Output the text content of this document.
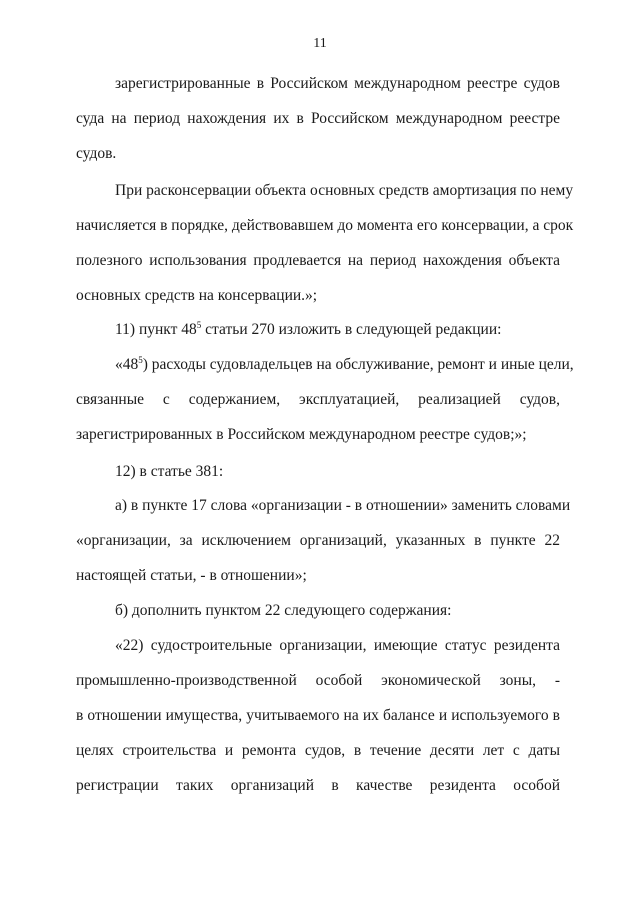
11
зарегистрированные в Российском международном реестре судов
суда на период нахождения их в Российском международном реестре
судов.
При расконсервации объекта основных средств амортизация по нему
начисляется в порядке, действовавшем до момента его консервации, а срок
полезного использования продлевается на период нахождения объекта
основных средств на консервации.»;
11) пункт $48^5$ статьи 270 изложить в следующей редакции:
«$48^5$) расходы судовладельцев на обслуживание, ремонт и иные цели,
связанные с содержанием, эксплуатацией, реализацией судов,
зарегистрированных в Российском международном реестре судов;»;
12) в статье 381:
а) в пункте 17 слова «организации - в отношении» заменить словами
«организации, за исключением организаций, указанных в пункте 22
настоящей статьи, - в отношении»;
б) дополнить пунктом 22 следующего содержания:
«22) судостроительные организации, имеющие статус резидента
промышленно-производственной особой экономической зоны, -
в отношении имущества, учитываемого на их балансе и используемого в
целях строительства и ремонта судов, в течение десяти лет с даты
регистрации таких организаций в качестве резидента особой
